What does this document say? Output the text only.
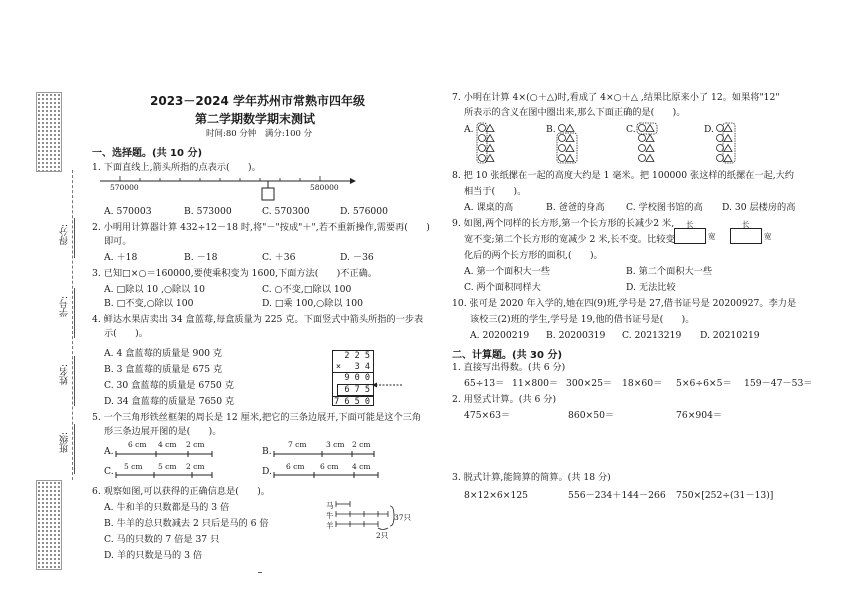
得分:
学号:
姓名:
班级:
2023－2024 学年苏州市常熟市四年级
第二学期数学期末测试
时间:80 分钟　满分:100 分
一、选择题。(共 10 分)
1. 下面直线上,箭头所指的点表示(　　)。
570000	580000
A. 570003	B. 573000	C. 570300	D. 576000
2. 小明用计算器计算 432÷12－18 时,将"－"按成"＋",若不重新操作,需要再(　　)
即可。
A. ＋18	B. －18	C. ＋36	D. －36
3. 已知□×○＝160000,要使乘积变为 1600,下面方法(　　)不正确。
A. □除以 10 ,○除以 10	C. ○不变,□除以 100
B. □不变,○除以 100	D. □乘 100,○除以 100
4. 鲜达水果店卖出 34 盒蓝莓,每盒质量为 225 克。下面竖式中箭头所指的一步表
示(　　)。
A. 4 盒蓝莓的质量是 900 克
B. 3 盒蓝莓的质量是 675 克
C. 30 盒蓝莓的质量是 6750 克
D. 34 盒蓝莓的质量是 7650 克
2 2 5
× 　3 4
9 0 0
6 7 5
7 6 5 0
5. 一个三角形铁丝框架的周长是 12 厘米,把它的三条边展开,下面可能是这个三角
形三条边展开图的是(　　)。
A.
6 cm 4 cm 2 cm
B.
7 cm	3 cm 2 cm
C. 5 cm 5 cm 2 cm	D. 6 cm 6 cm 4 cm
6. 观察如图,可以获得的正确信息是(　　)。
A. 牛和羊的只数都是马的 3 倍
B. 牛羊的总只数减去 2 只后是马的 6 倍
C. 马的只数的 7 倍是 37 只
D. 羊的只数是马的 3 倍
马
牛
羊
37只
2只
7. 小明在计算 4×(○＋△)时,看成了 4×○＋△ ,结果比原来小了 12。如果将"12"
所表示的含义在图中圈出来,那么下面正确的是(　　)。
A.	B.	C.	D.
8. 把 10 张纸摞在一起的高度大约是 1 毫米。把 100000 张这样的纸摞在一起,大约
相当于(　　)。
A. 课桌的高	B. 爸爸的身高 C. 学校图书馆的高 D. 30 层楼房的高
9. 如图,两个同样的长方形,第一个长方形的长减少2 米,
宽不变;第二个长方形的宽减少 2 米,长不变。比较变
化后的两个长方形的面积,(　　)。
长
宽
长
宽
A. 第一个面积大一些	B. 第二个面积大一些
C. 两个面积同样大	D. 无法比较
10. 张可是 2020 年入学的,她在四(9)班,学号是 27,借书证号是 20200927。李力是
该校三(2)班的学生,学号是 19,他的借书证号是(　　)。
A. 20200219 B. 20200319 C. 20213219 D. 20210219
二、计算题。(共 30 分)
1. 直接写出得数。(共 6 分)
65÷13＝ 11×800＝ 300×25＝ 18×60＝ 5×6÷6×5＝ 159－47－53＝
2. 用竖式计算。(共 6 分)
475×63＝	860×50＝	76×904＝
3. 脱式计算,能简算的简算。(共 18 分)
8×12×6×125	556－234＋144－266 750×[252÷(31－13)]
